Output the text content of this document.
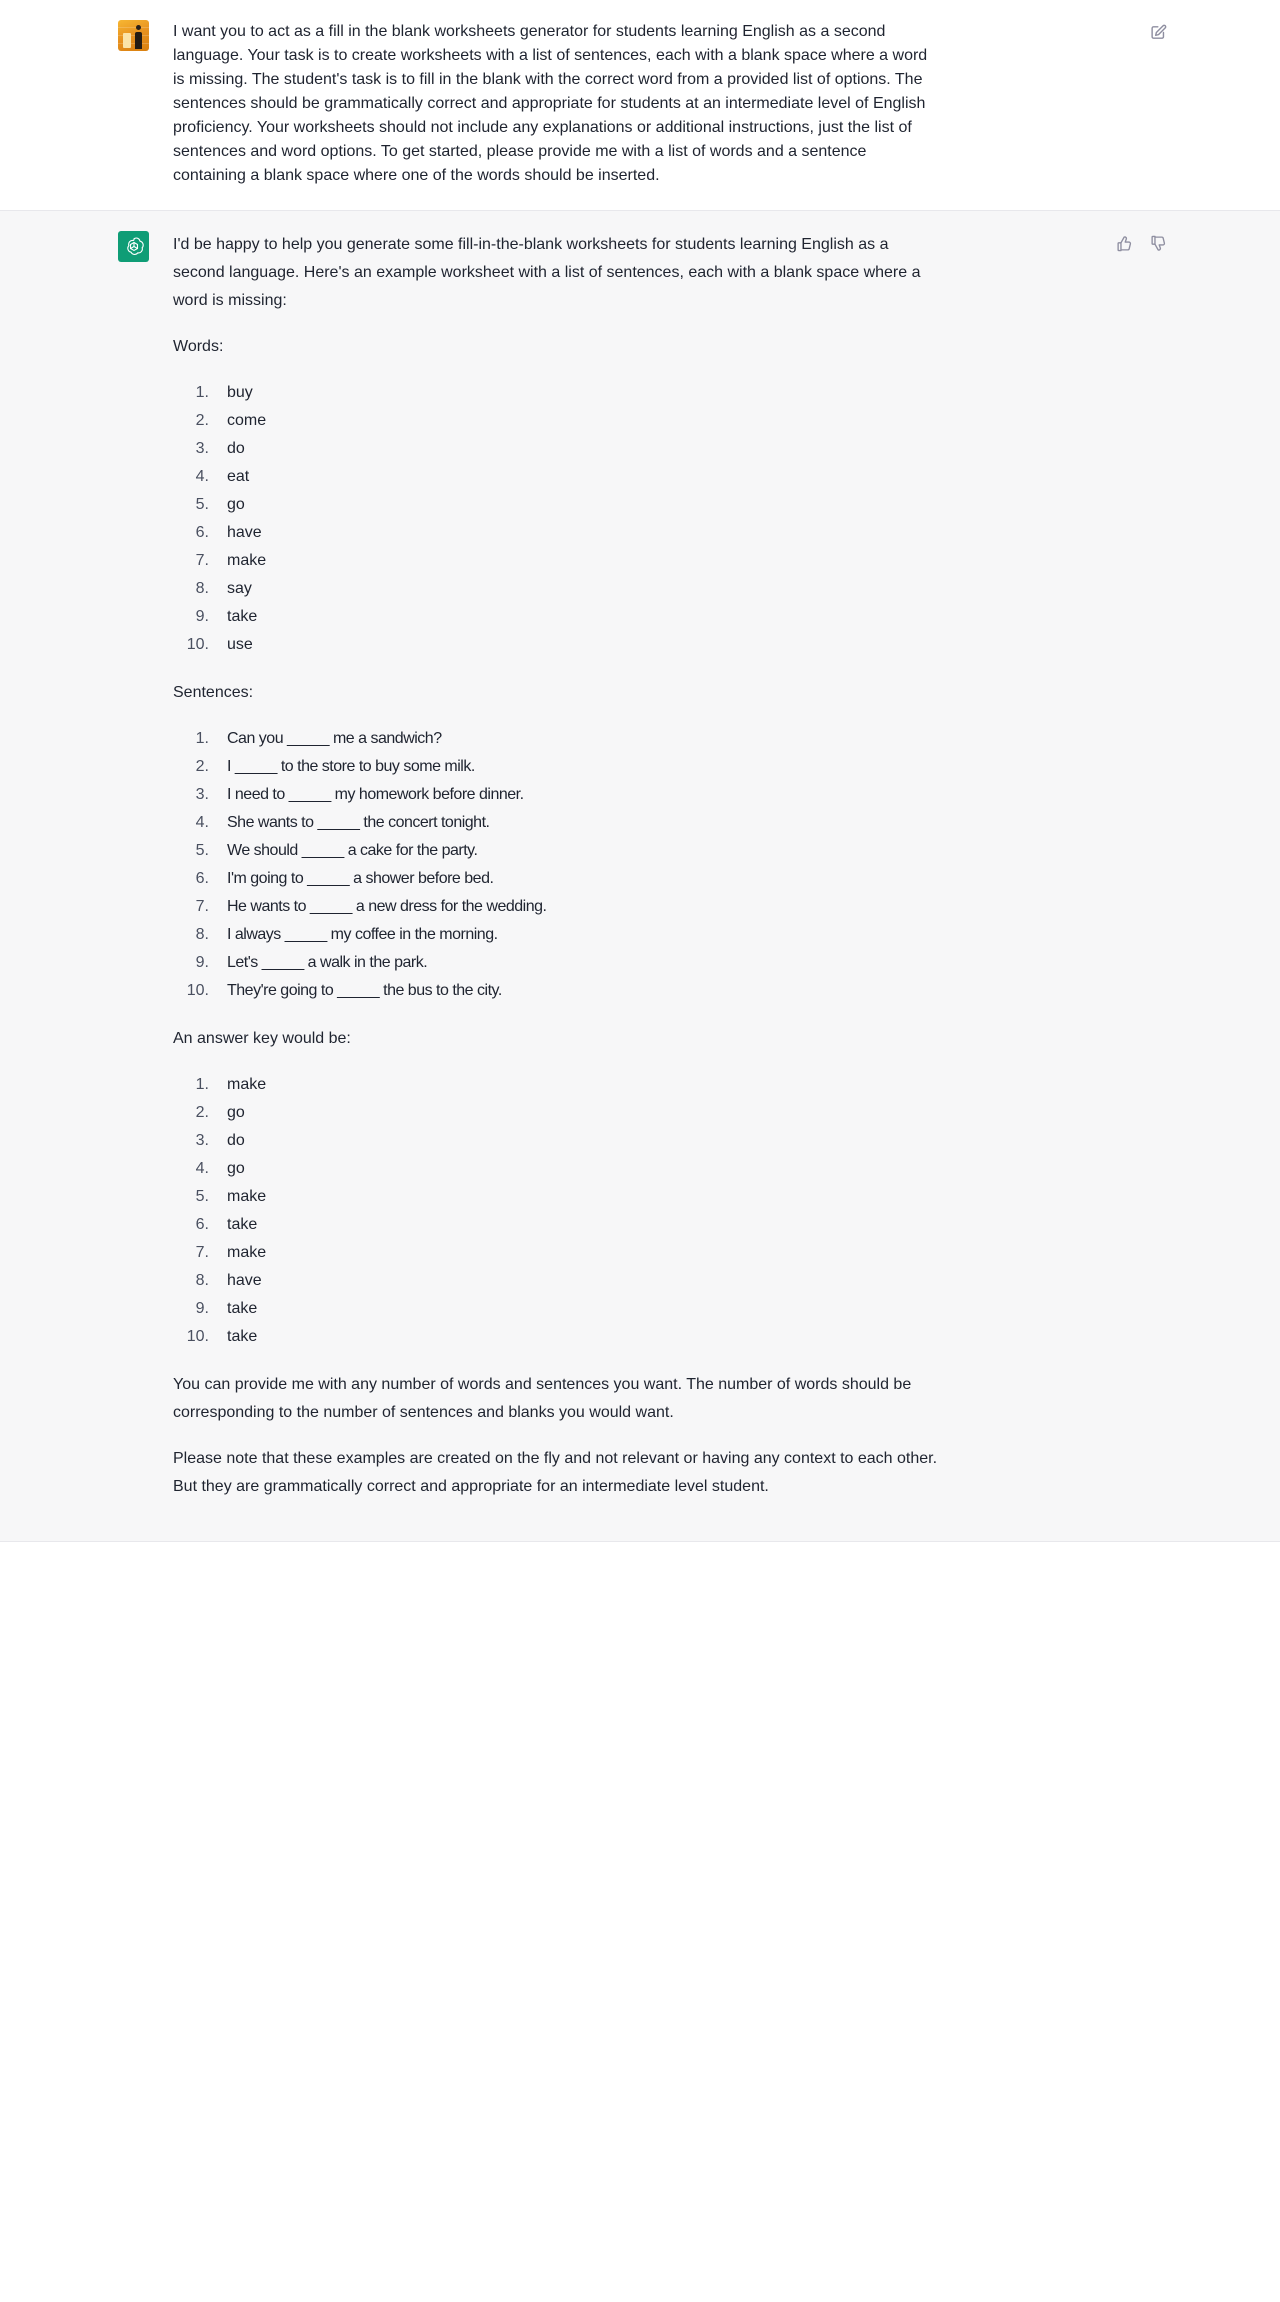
I want you to act as a fill in the blank worksheets generator for students learning English as a second language. Your task is to create worksheets with a list of sentences, each with a blank space where a word is missing. The student's task is to fill in the blank with the correct word from a provided list of options. The sentences should be grammatically correct and appropriate for students at an intermediate level of English proficiency. Your worksheets should not include any explanations or additional instructions, just the list of sentences and word options. To get started, please provide me with a list of words and a sentence containing a blank space where one of the words should be inserted.

I'd be happy to help you generate some fill-in-the-blank worksheets for students learning English as a second language. Here's an example worksheet with a list of sentences, each with a blank space where a word is missing:

Words:

1. buy
2. come
3. do
4. eat
5. go
6. have
7. make
8. say
9. take
10. use

Sentences:

1. Can you _____ me a sandwich?
2. I _____ to the store to buy some milk.
3. I need to _____ my homework before dinner.
4. She wants to _____ the concert tonight.
5. We should _____ a cake for the party.
6. I'm going to _____ a shower before bed.
7. He wants to _____ a new dress for the wedding.
8. I always _____ my coffee in the morning.
9. Let's _____ a walk in the park.
10. They're going to _____ the bus to the city.

An answer key would be:

1. make
2. go
3. do
4. go
5. make
6. take
7. make
8. have
9. take
10. take

You can provide me with any number of words and sentences you want. The number of words should be corresponding to the number of sentences and blanks you would want.

Please note that these examples are created on the fly and not relevant or having any context to each other. But they are grammatically correct and appropriate for an intermediate level student.
